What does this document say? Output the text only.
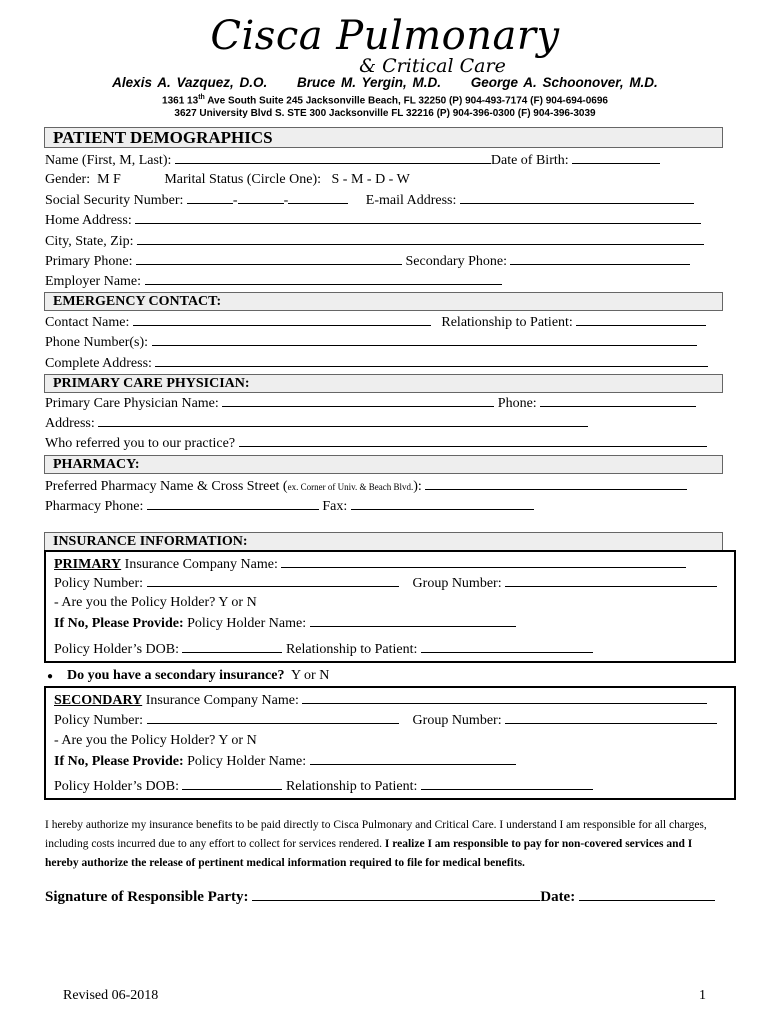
Cisca Pulmonary
& Critical Care
Alexis A. Vazquez, D.O. Bruce M. Yergin, M.D. George A. Schoonover, M.D.
1361 13th Ave South Suite 245 Jacksonville Beach, FL 32250 (P) 904-493-7174 (F) 904-694-0696
3627 University Blvd S. STE 300 Jacksonville FL 32216 (P) 904-396-0300 (F) 904-396-3039
PATIENT DEMOGRAPHICS
Name (First, M, Last):	Date of Birth:
Gender: M F	Marital Status (Circle One): S - M - D - W
Social Security Number:	-	-	E-mail Address:
Home Address:
City, State, Zip:
Primary Phone:	Secondary Phone:
Employer Name:
EMERGENCY CONTACT:
Contact Name:	Relationship to Patient:
Phone Number(s):
Complete Address:
PRIMARY CARE PHYSICIAN:
Primary Care Physician Name:	Phone:
Address:
Who referred you to our practice?
PHARMACY:
Preferred Pharmacy Name & Cross Street (ex. Corner of Univ. & Beach Blvd.):
Pharmacy Phone:	Fax:
INSURANCE INFORMATION:
PRIMARY Insurance Company Name:
Policy Number:	Group Number:
- Are you the Policy Holder? Y or N
If No, Please Provide: Policy Holder Name:
Policy Holder’s DOB:	Relationship to Patient:
● Do you have a secondary insurance? Y or N
SECONDARY Insurance Company Name:
Policy Number:	Group Number:
- Are you the Policy Holder? Y or N
If No, Please Provide: Policy Holder Name:
Policy Holder’s DOB:	Relationship to Patient:
I hereby authorize my insurance benefits to be paid directly to Cisca Pulmonary and Critical Care. I understand I am responsible for all charges, including costs incurred due to any effort to collect for services rendered. I realize I am responsible to pay for non-covered services and I hereby authorize the release of pertinent medical information required to file for medical benefits.
Signature of Responsible Party:	Date:
Revised 06-2018	1
